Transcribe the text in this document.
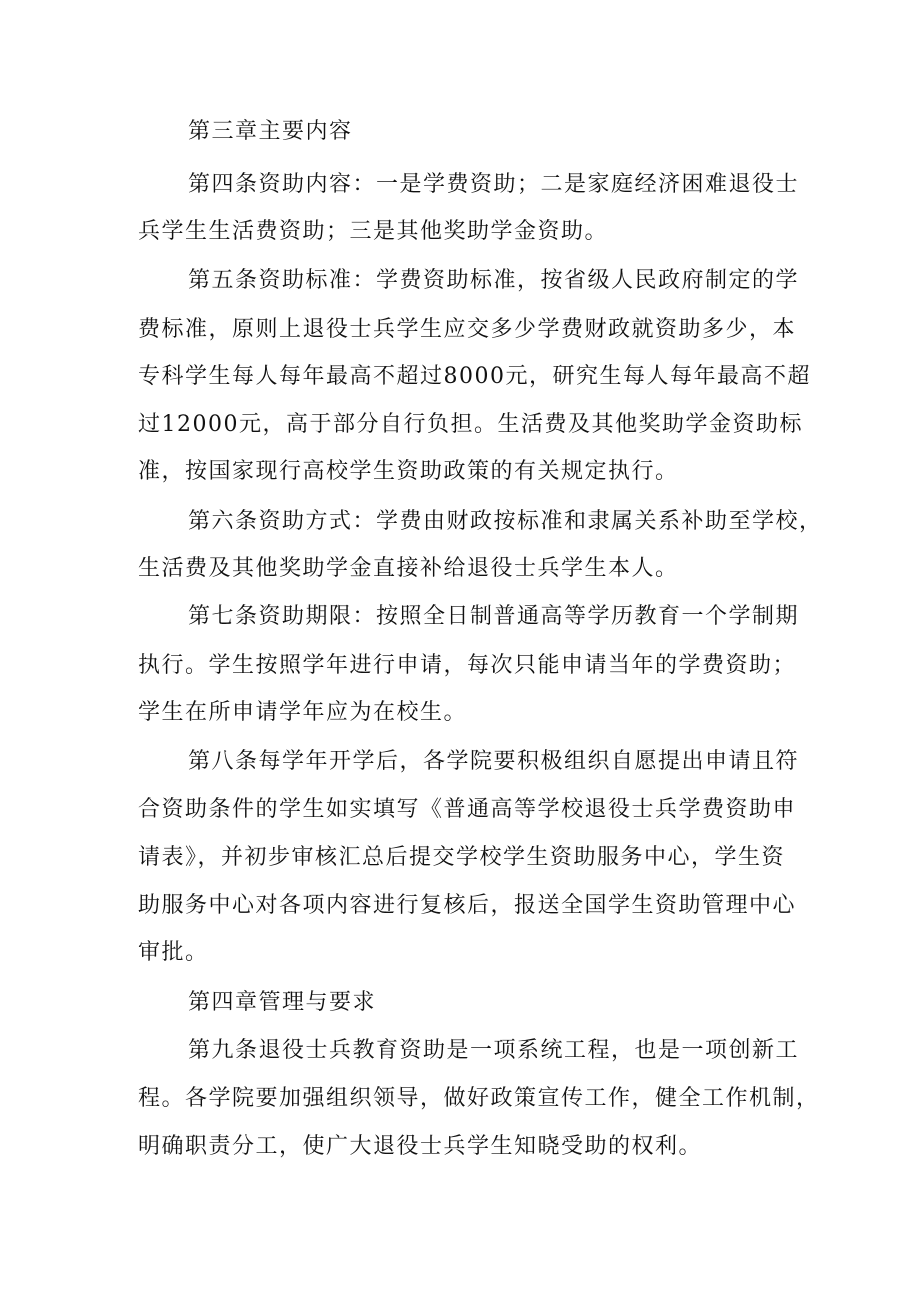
第三章主要内容
第四条资助内容：一是学费资助；二是家庭经济困难退役士
兵学生生活费资助；三是其他奖助学金资助。
第五条资助标准：学费资助标准，按省级人民政府制定的学
费标准，原则上退役士兵学生应交多少学费财政就资助多少，本
专科学生每人每年最高不超过8000元，研究生每人每年最高不超
过12000元，高于部分自行负担。生活费及其他奖助学金资助标
准，按国家现行高校学生资助政策的有关规定执行。
第六条资助方式：学费由财政按标准和隶属关系补助至学校，
生活费及其他奖助学金直接补给退役士兵学生本人。
第七条资助期限：按照全日制普通高等学历教育一个学制期
执行。学生按照学年进行申请，每次只能申请当年的学费资助；
学生在所申请学年应为在校生。
第八条每学年开学后，各学院要积极组织自愿提出申请且符
合资助条件的学生如实填写《普通高等学校退役士兵学费资助申
请表》，并初步审核汇总后提交学校学生资助服务中心，学生资
助服务中心对各项内容进行复核后，报送全国学生资助管理中心
审批。
第四章管理与要求
第九条退役士兵教育资助是一项系统工程，也是一项创新工
程。各学院要加强组织领导，做好政策宣传工作，健全工作机制，
明确职责分工，使广大退役士兵学生知晓受助的权利。
